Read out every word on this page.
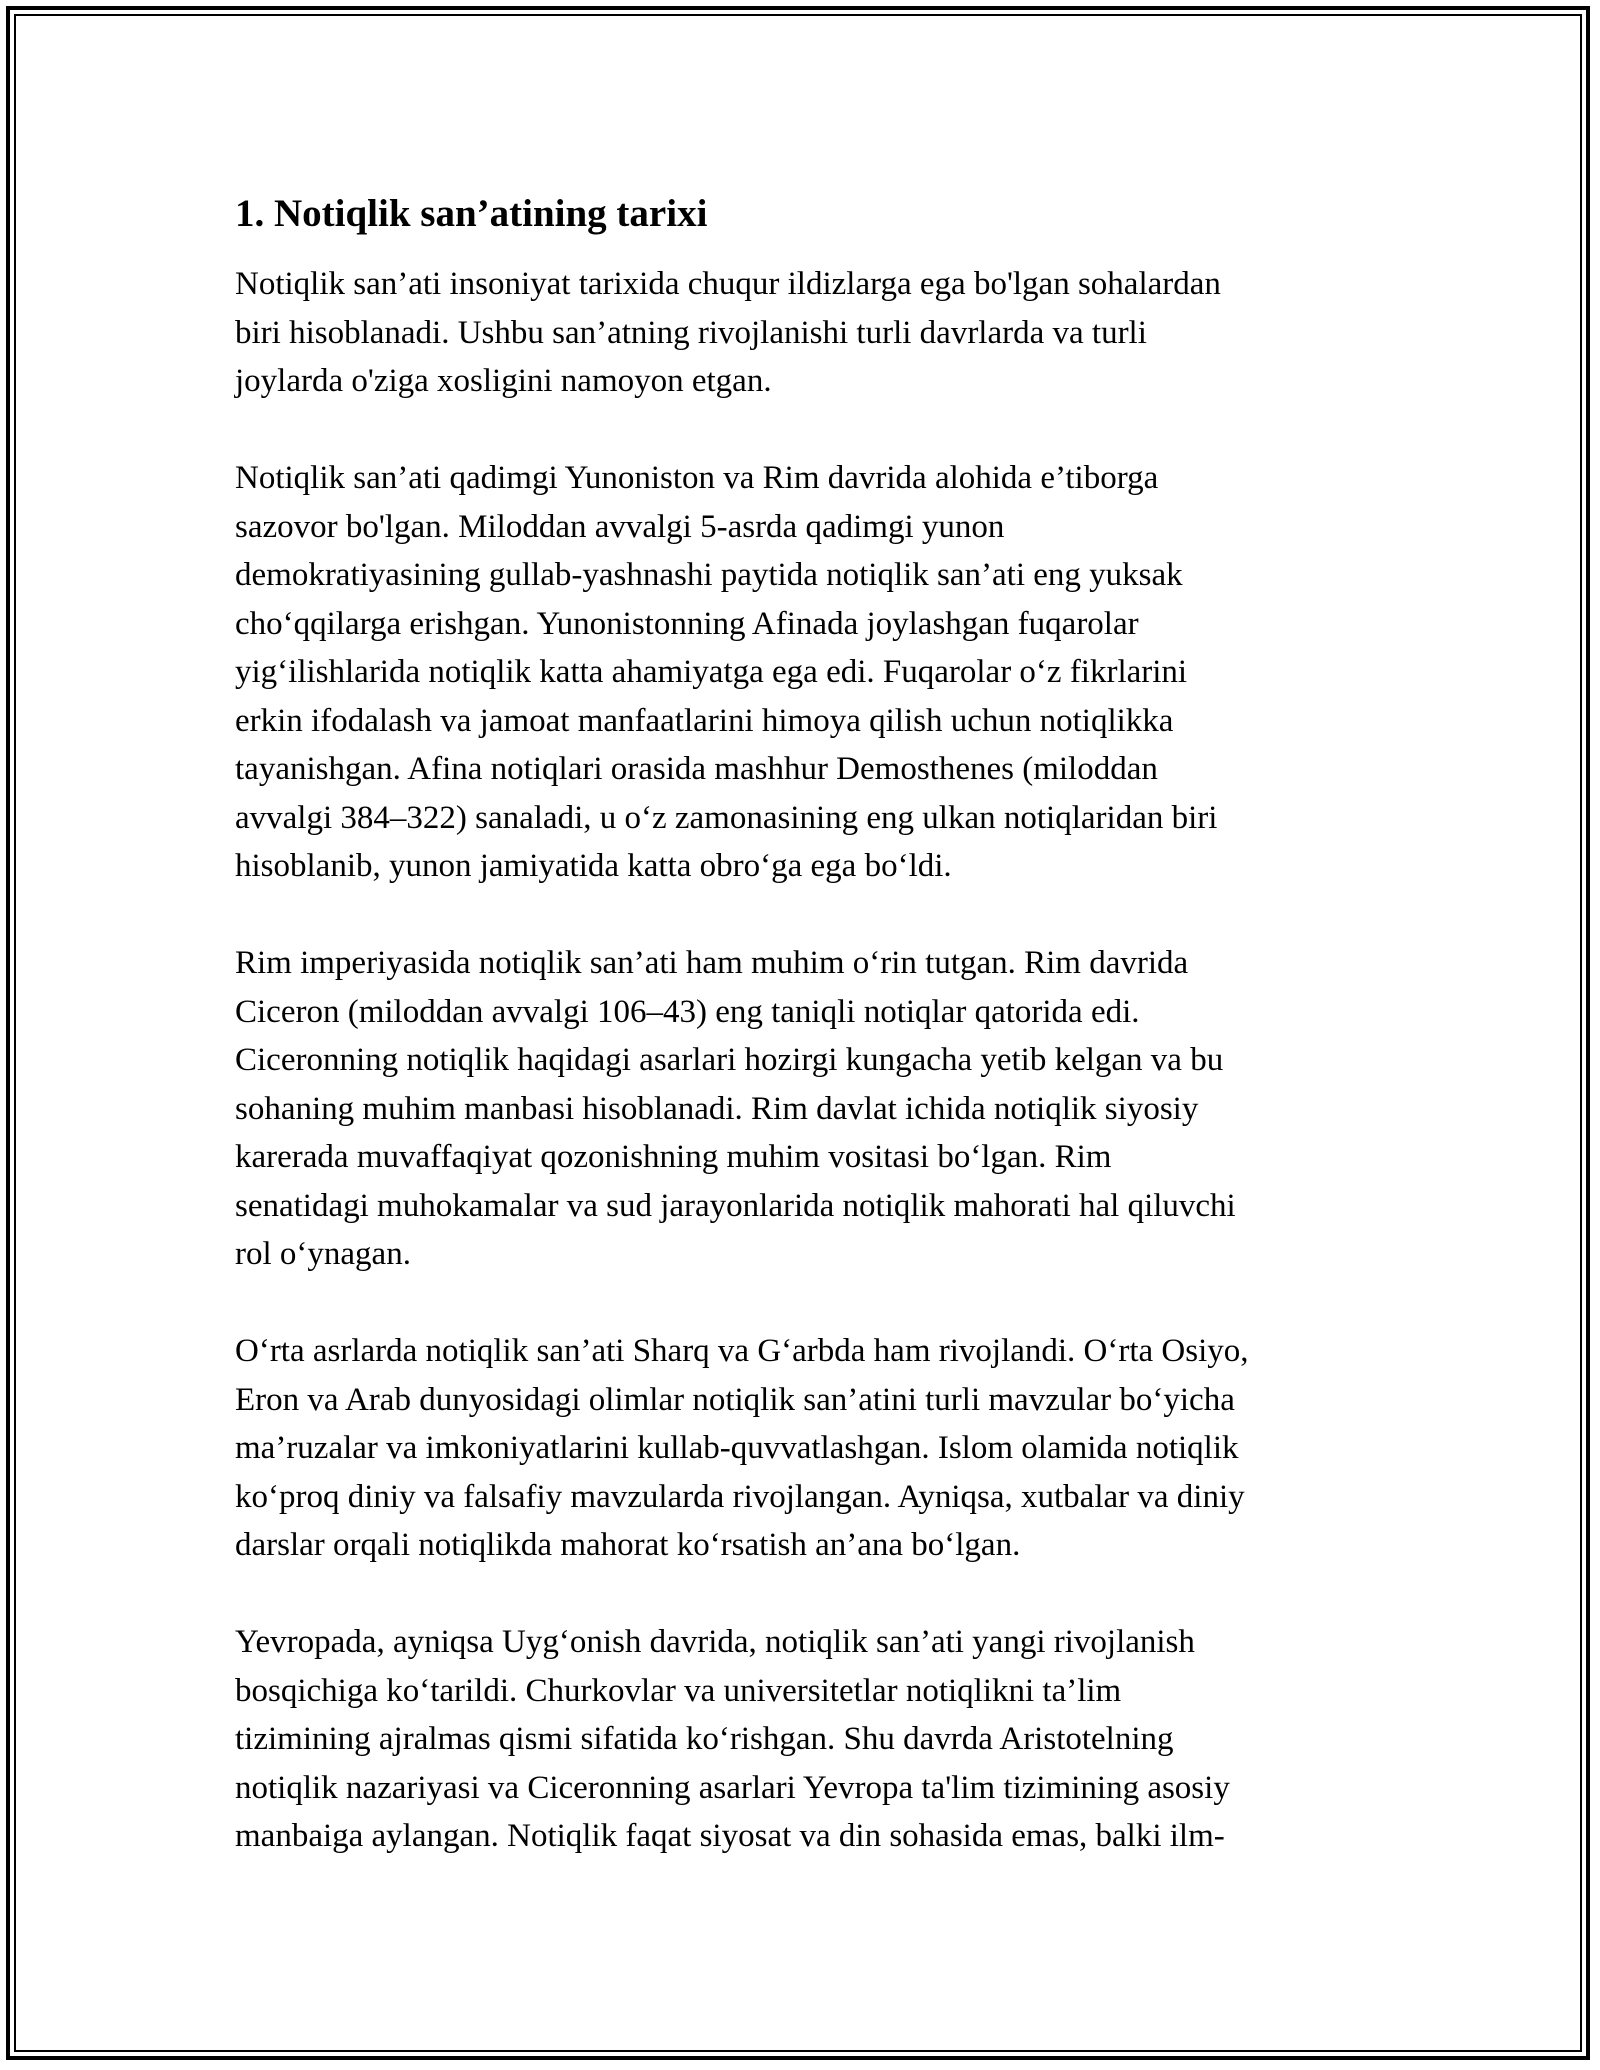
1. Notiqlik san’atining tarixi

Notiqlik san’ati insoniyat tarixida chuqur ildizlarga ega bo'lgan sohalardan
biri hisoblanadi. Ushbu san’atning rivojlanishi turli davrlarda va turli
joylarda o'ziga xosligini namoyon etgan.

Notiqlik san’ati qadimgi Yunoniston va Rim davrida alohida e’tiborga
sazovor bo'lgan. Miloddan avvalgi 5-asrda qadimgi yunon
demokratiyasining gullab-yashnashi paytida notiqlik san’ati eng yuksak
cho‘qqilarga erishgan. Yunonistonning Afinada joylashgan fuqarolar
yig‘ilishlarida notiqlik katta ahamiyatga ega edi. Fuqarolar o‘z fikrlarini
erkin ifodalash va jamoat manfaatlarini himoya qilish uchun notiqlikka
tayanishgan. Afina notiqlari orasida mashhur Demosthenes (miloddan
avvalgi 384–322) sanaladi, u o‘z zamonasining eng ulkan notiqlaridan biri
hisoblanib, yunon jamiyatida katta obro‘ga ega bo‘ldi.

Rim imperiyasida notiqlik san’ati ham muhim o‘rin tutgan. Rim davrida
Ciceron (miloddan avvalgi 106–43) eng taniqli notiqlar qatorida edi.
Ciceronning notiqlik haqidagi asarlari hozirgi kungacha yetib kelgan va bu
sohaning muhim manbasi hisoblanadi. Rim davlat ichida notiqlik siyosiy
karerada muvaffaqiyat qozonishning muhim vositasi bo‘lgan. Rim
senatidagi muhokamalar va sud jarayonlarida notiqlik mahorati hal qiluvchi
rol o‘ynagan.

O‘rta asrlarda notiqlik san’ati Sharq va G‘arbda ham rivojlandi. O‘rta Osiyo,
Eron va Arab dunyosidagi olimlar notiqlik san’atini turli mavzular bo‘yicha
ma’ruzalar va imkoniyatlarini kullab-quvvatlashgan. Islom olamida notiqlik
ko‘proq diniy va falsafiy mavzularda rivojlangan. Ayniqsa, xutbalar va diniy
darslar orqali notiqlikda mahorat ko‘rsatish an’ana bo‘lgan.

Yevropada, ayniqsa Uyg‘onish davrida, notiqlik san’ati yangi rivojlanish
bosqichiga ko‘tarildi. Churkovlar va universitetlar notiqlikni ta’lim
tizimining ajralmas qismi sifatida ko‘rishgan. Shu davrda Aristotelning
notiqlik nazariyasi va Ciceronning asarlari Yevropa ta'lim tizimining asosiy
manbaiga aylangan. Notiqlik faqat siyosat va din sohasida emas, balki ilm-
